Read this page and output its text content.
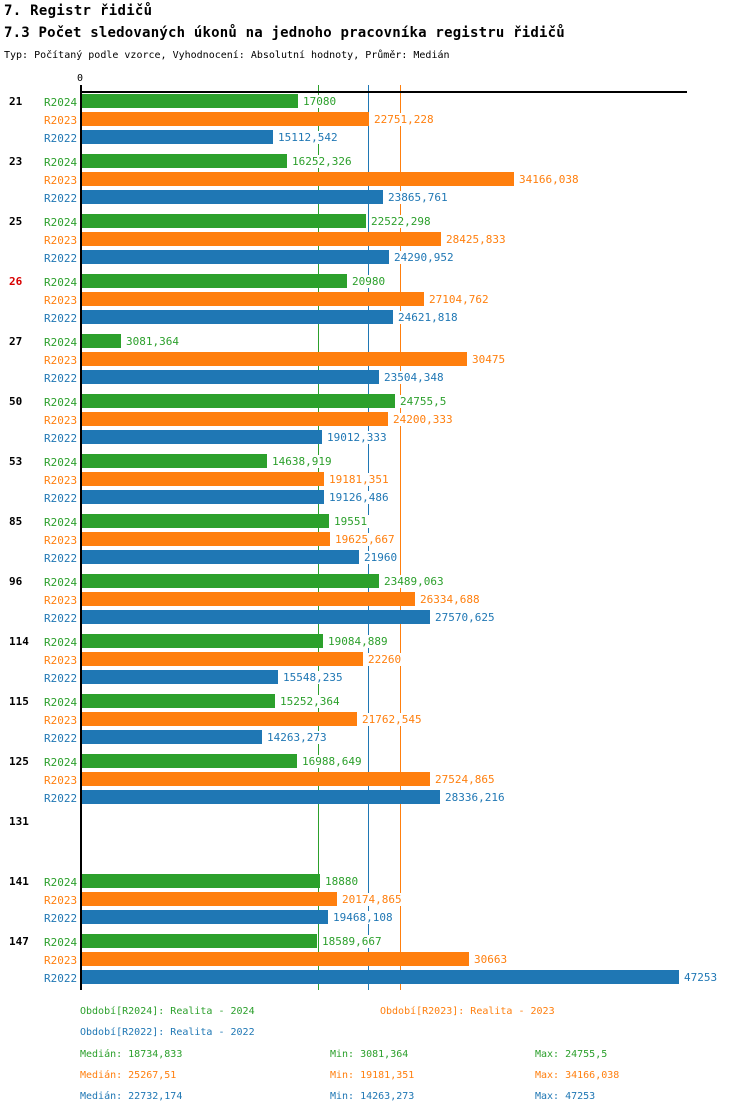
7. Registr řidičů
7.3 Počet sledovaných úkonů na jednoho pracovníka registru řidičů
Typ: Počítaný podle vzorce, Vyhodnocení: Absolutní hodnoty, Průměr: Medián
0
21 R2024	17080
R2023	22751,228
R2022	15112,542
23 R2024	16252,326
R2023	34166,038
R2022	23865,761
25 R2024	22522,298
R2023	28425,833
R2022	24290,952
26 R2024	20980
R2023	27104,762
R2022	24621,818
27 R2024	3081,364
R2023	30475
R2022	23504,348
50 R2024	24755,5
R2023	24200,333
R2022	19012,333
53 R2024	14638,919
R2023	19181,351
R2022	19126,486
85 R2024	19551
R2023	19625,667
R2022	21960
96 R2024	23489,063
R2023	26334,688
R2022	27570,625
114 R2024	19084,889
R2023	22260
R2022	15548,235
115 R2024	15252,364
R2023	21762,545
R2022	14263,273
125 R2024	16988,649
R2023	27524,865
R2022	28336,216
131
141 R2024	18880
R2023	20174,865
R2022	19468,108
147 R2024	18589,667
R2023	30663
R2022	47253
Období[R2024]: Realita - 2024	Období[R2023]: Realita - 2023
Období[R2022]: Realita - 2022
Medián: 18734,833	Min: 3081,364	Max: 24755,5
Medián: 25267,51	Min: 19181,351	Max: 34166,038
Medián: 22732,174	Min: 14263,273	Max: 47253
